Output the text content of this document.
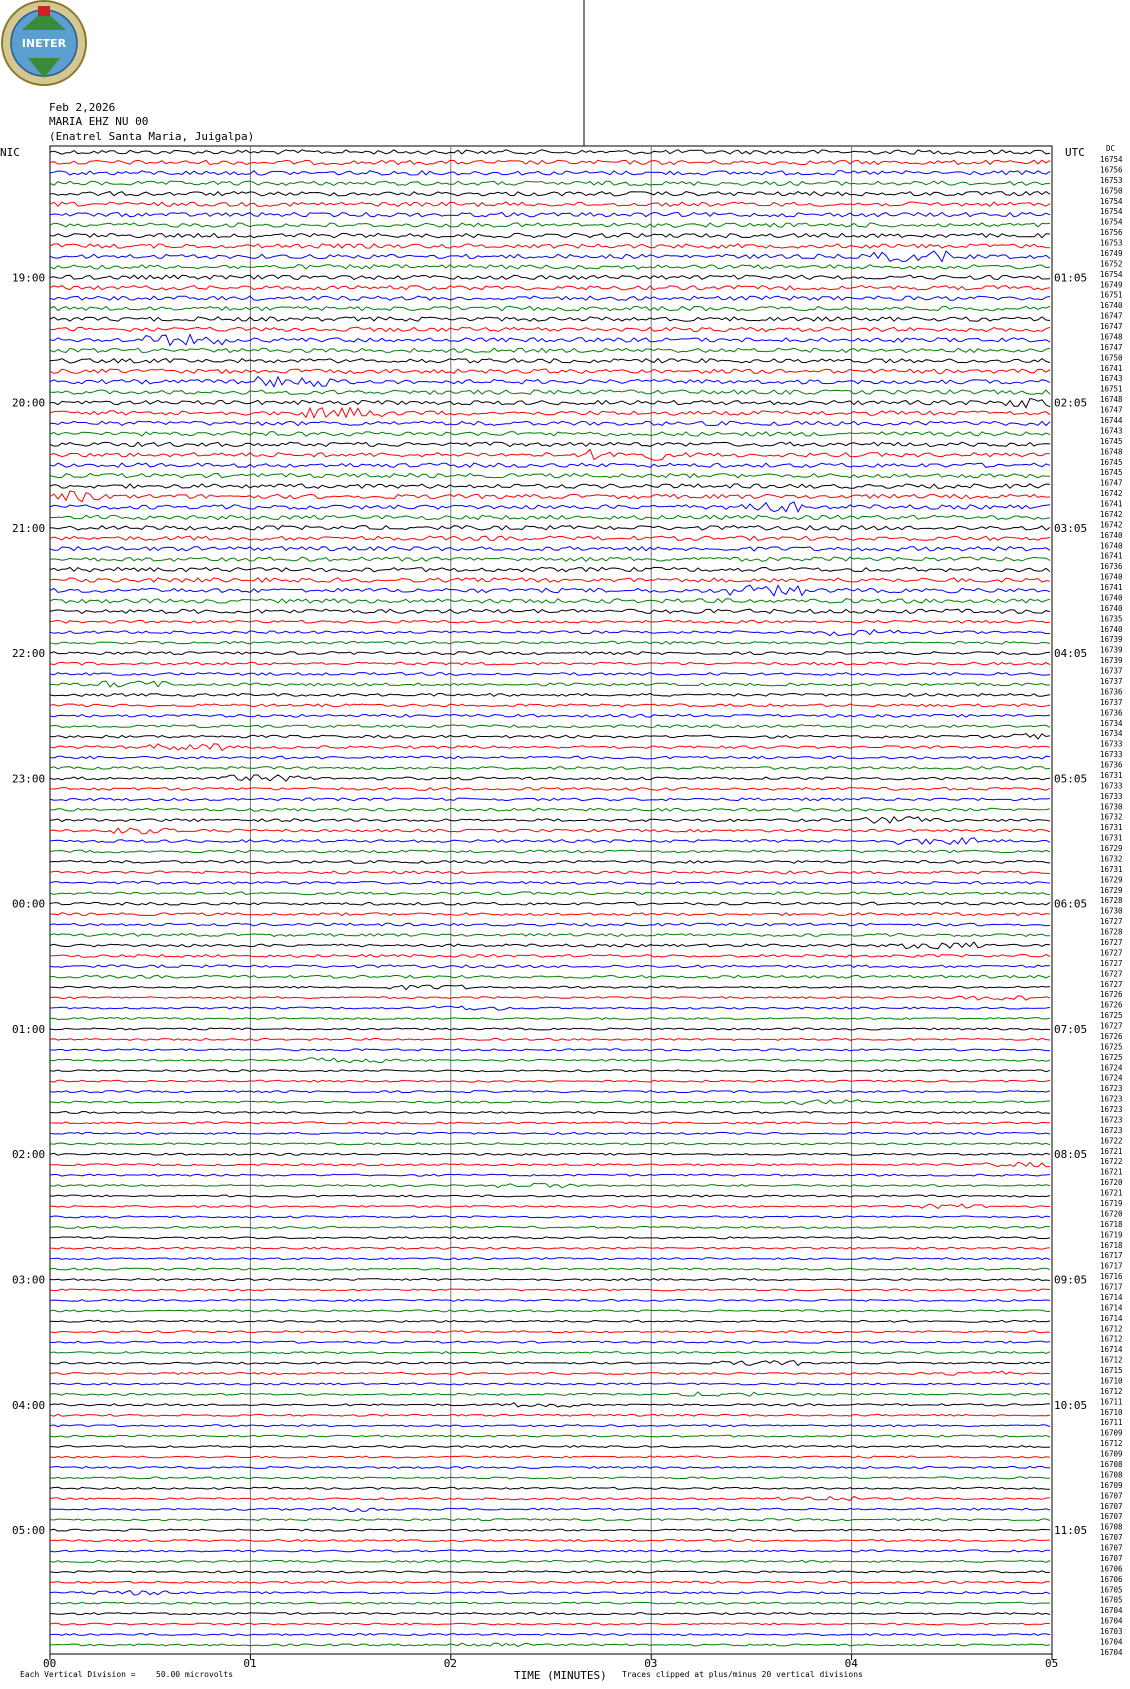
INETER
Feb 2,2026
MARIA EHZ NU 00
(Enatrel Santa Maria, Juigalpa)
NIC	UTC	DC
19:00
20:00
21:00
22:00
23:00
00:00
01:00
02:00
03:00
04:00
05:00
01:05
02:05
03:05
04:05
05:05
06:05
07:05
08:05
09:05
10:05
11:05
16754
16756
16753
16750
16754
16754
16754
16756
16753
16749
16752
16754
16749
16751
16740
16747
16747
16748
16747
16750
16741
16743
16751
16748
16747
16744
16743
16745
16748
16745
16745
16747
16742
16741
16742
16742
16740
16740
16741
16736
16740
16741
16740
16740
16735
16740
16739
16739
16739
16737
16737
16736
16737
16736
16734
16734
16733
16733
16736
16731
16733
16733
16730
16732
16731
16731
16729
16732
16731
16729
16729
16728
16730
16727
16728
16727
16727
16727
16727
16727
16726
16726
16725
16727
16726
16725
16725
16724
16724
16723
16723
16723
16723
16723
16722
16721
16722
16721
16720
16721
16719
16720
16718
16719
16718
16717
16717
16716
16717
16714
16714
16714
16712
16712
16714
16712
16715
16710
16712
16711
16710
16711
16709
16712
16709
16708
16708
16709
16707
16707
16707
16708
16707
16707
16707
16706
16706
16705
16705
16704
16704
16703
16704
16704
00	01	02	03	04	05
TIME (MINUTES)
Each Vertical Division =	50.00 microvolts	Traces clipped at plus/minus 20 vertical divisions
